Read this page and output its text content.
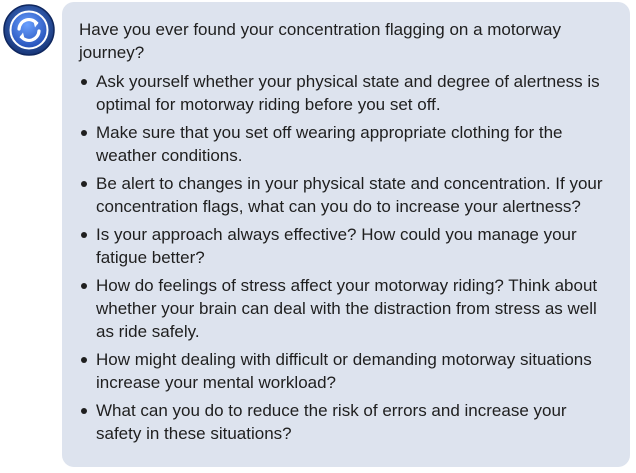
Have you ever found your concentration flagging on a motorway journey?

Ask yourself whether your physical state and degree of alertness is optimal for motorway riding before you set off.
Make sure that you set off wearing appropriate clothing for the weather conditions.
Be alert to changes in your physical state and concentration. If your concentration flags, what can you do to increase your alertness?
Is your approach always effective? How could you manage your fatigue better?
How do feelings of stress affect your motorway riding? Think about whether your brain can deal with the distraction from stress as well as ride safely.
How might dealing with difficult or demanding motorway situations increase your mental workload?
What can you do to reduce the risk of errors and increase your safety in these situations?
